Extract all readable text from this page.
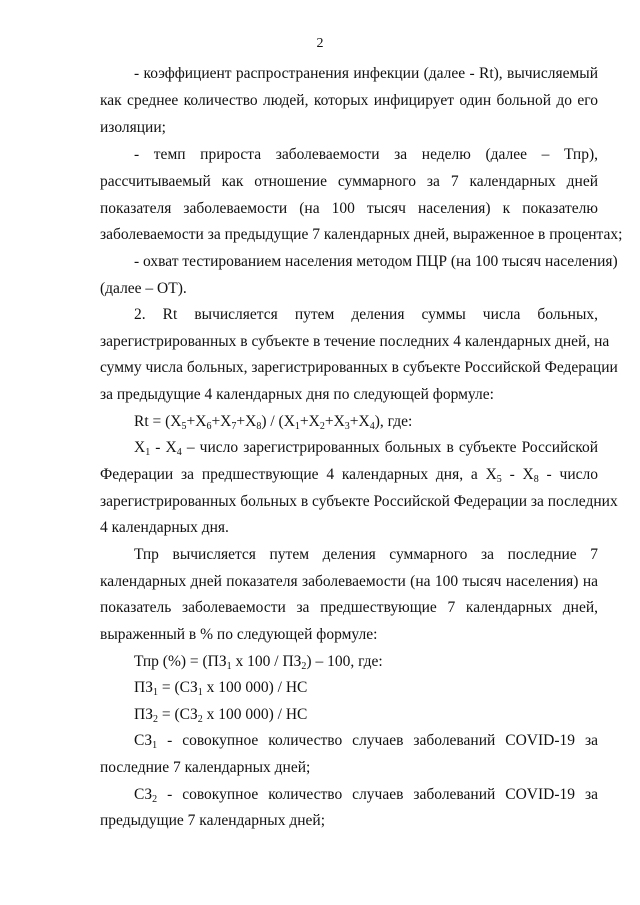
2
- коэффициент распространения инфекции (далее - Rt), вычисляемый
как среднее количество людей, которых инфицирует один больной до его
изоляции;
- темп прироста заболеваемости за неделю (далее – Тпр),
рассчитываемый как отношение суммарного за 7 календарных дней
показателя заболеваемости (на 100 тысяч населения) к показателю
заболеваемости за предыдущие 7 календарных дней, выраженное в процентах;
- охват тестированием населения методом ПЦР (на 100 тысяч населения)
(далее – ОТ).
2. Rt вычисляется путем деления суммы числа больных,
зарегистрированных в субъекте в течение последних 4 календарных дней, на
сумму числа больных, зарегистрированных в субъекте Российской Федерации
за предыдущие 4 календарных дня по следующей формуле:
$Rt = (X_5+X_6+X_7+X_8) / (X_1+X_2+X_3+X_4)$, где:
$X_1 - X_4$ – число зарегистрированных больных в субъекте Российской
Федерации за предшествующие 4 календарных дня, а $X_5 - X_8$ - число
зарегистрированных больных в субъекте Российской Федерации за последних
4 календарных дня.
Тпр вычисляется путем деления суммарного за последние 7
календарных дней показателя заболеваемости (на 100 тысяч населения) на
показатель заболеваемости за предшествующие 7 календарных дней,
выраженный в % по следующей формуле:
Тпр (%) = ($ПЗ_1$ х $100 / ПЗ_2) - 100$, где:
$ПЗ_1 = (СЗ_1$ х 100 000) / НС
$ПЗ_2 = (СЗ_2$ х 100 000) / НС
$СЗ_1$ - совокупное количество случаев заболеваний COVID-19 за
последние 7 календарных дней;
$СЗ_2$ - совокупное количество случаев заболеваний COVID-19 за
предыдущие 7 календарных дней;
